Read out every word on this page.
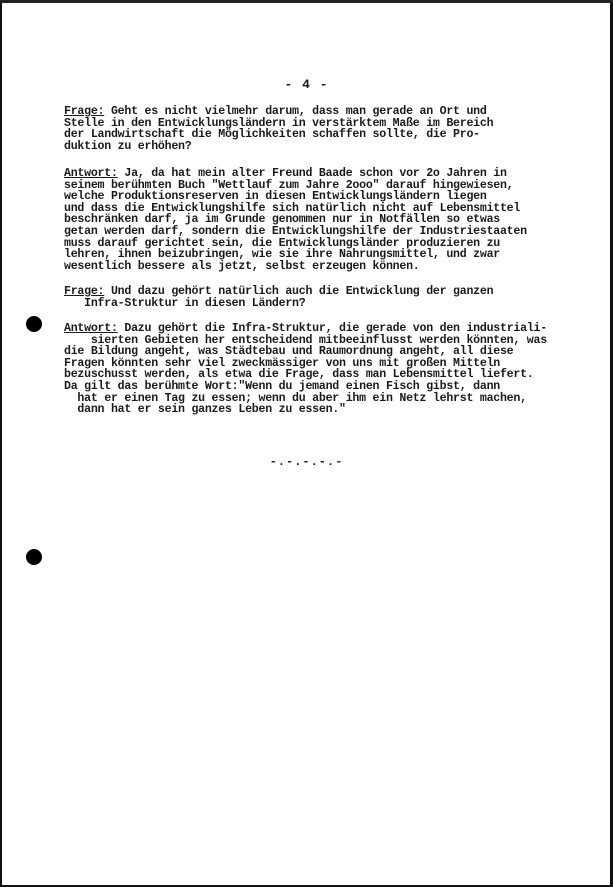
- 4 -
Frage: Geht es nicht vielmehr darum, dass man gerade an Ort und
Stelle in den Entwicklungsländern in verstärktem Maße im Bereich
der Landwirtschaft die Möglichkeiten schaffen sollte, die Pro-
duktion zu erhöhen?
Antwort: Ja, da hat mein alter Freund Baade schon vor 2o Jahren in
seinem berühmten Buch "Wettlauf zum Jahre 2ooo" darauf hingewiesen,
welche Produktionsreserven in diesen Entwicklungsländern liegen
und dass die Entwicklungshilfe sich natürlich nicht auf Lebensmittel
beschränken darf, ja im Grunde genommen nur in Notfällen so etwas
getan werden darf, sondern die Entwicklungshilfe der Industriestaaten
muss darauf gerichtet sein, die Entwicklungsländer produzieren zu
lehren, ihnen beizubringen, wie sie ihre Nahrungsmittel, und zwar
wesentlich bessere als jetzt, selbst erzeugen können.
Frage: Und dazu gehört natürlich auch die Entwicklung der ganzen
Infra-Struktur in diesen Ländern?
Antwort: Dazu gehört die Infra-Struktur, die gerade von den industriali-
sierten Gebieten her entscheidend mitbeeinflusst werden könnten, was
die Bildung angeht, was Städtebau und Raumordnung angeht, all diese
Fragen könnten sehr viel zweckmässiger von uns mit großen Mitteln
bezuschusst werden, als etwa die Frage, dass man Lebensmittel liefert.
Da gilt das berühmte Wort:"Wenn du jemand einen Fisch gibst, dann
hat er einen Tag zu essen; wenn du aber ihm ein Netz lehrst machen,
dann hat er sein ganzes Leben zu essen."
-.-.-.-.-
